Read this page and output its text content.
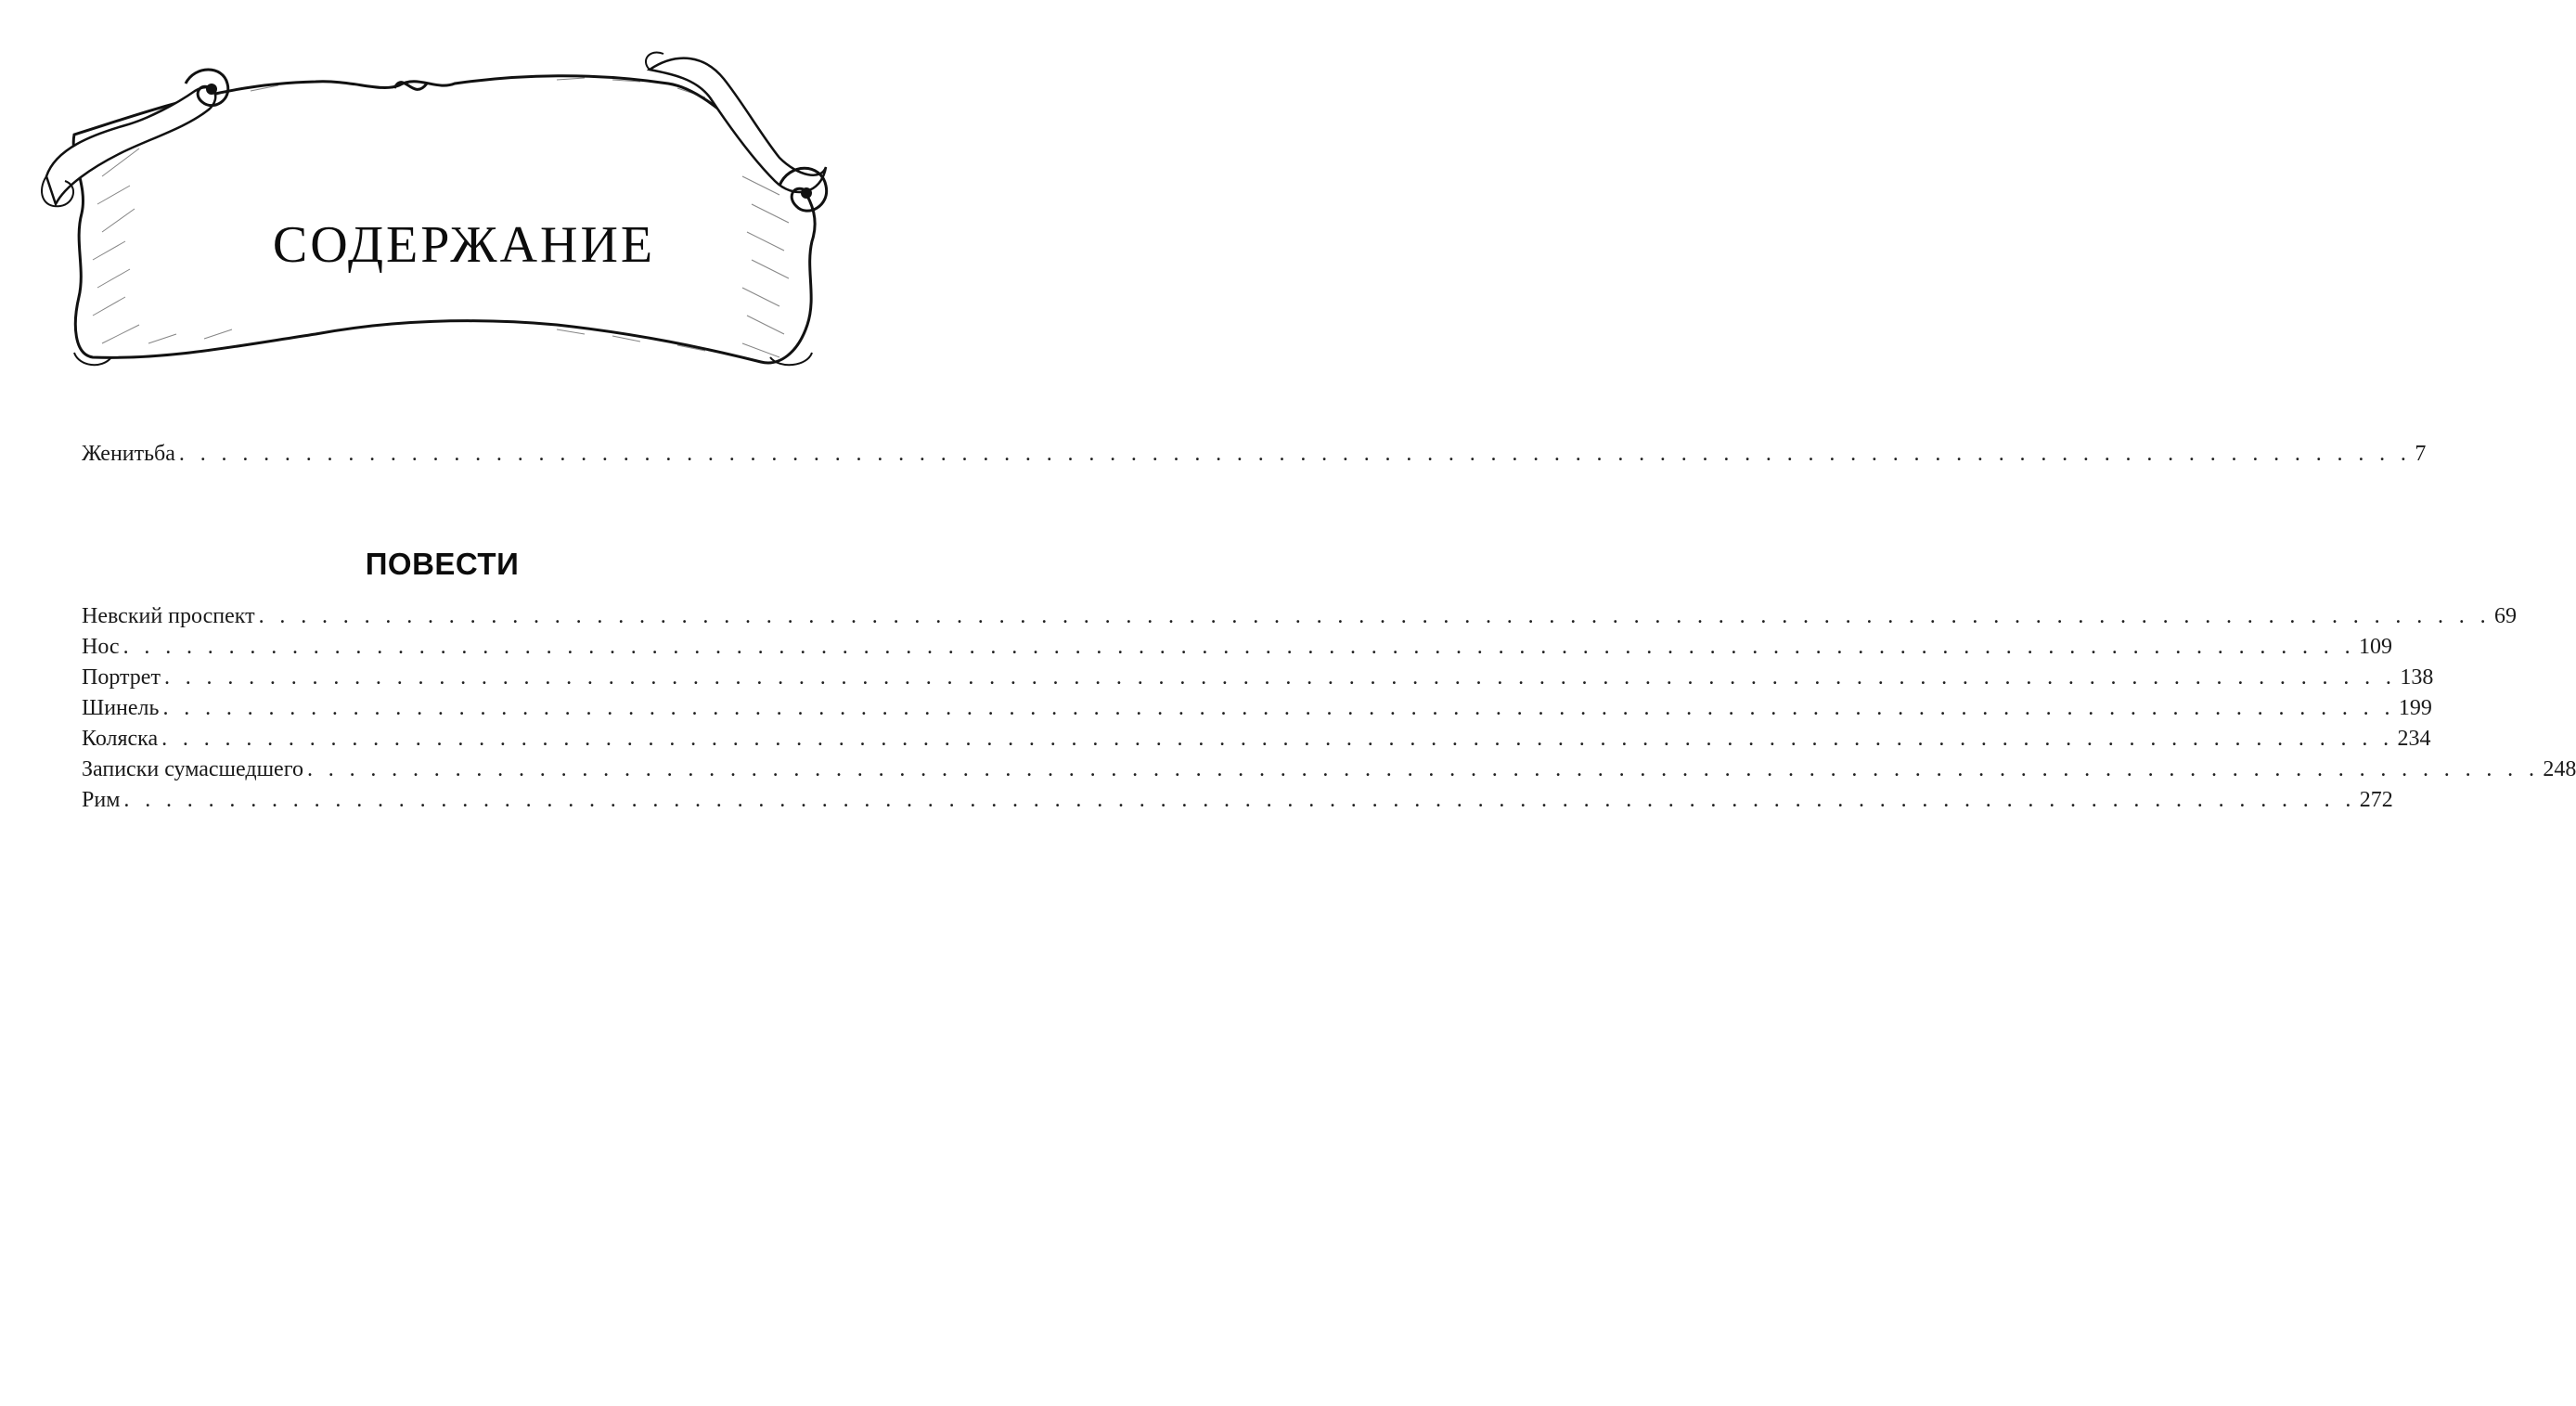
СОДЕРЖАНИЕ
Женитьба . . . . . . . . . . . . . . . . . . . . . . . . . . . . . . . . . . . . . . . . . . . . . . . . . . . . . . . . . . . . . . . . . . . . . . . . . . . . . . . . . . . . . . . . . . . . . . . . . . . . . . . . . . 7
ПОВЕСТИ
Невский проспект . . . . . . . . . . . . . . . . . . . . . . . . . . . . . . . . . . . . . . . . . . . . . . . . . . . . . . . . . . . . . . . . . . . . . . . . . . . . . . . . . . . . . . . . . . . . . . . . . . . . . . . . . . 69
Нос . . . . . . . . . . . . . . . . . . . . . . . . . . . . . . . . . . . . . . . . . . . . . . . . . . . . . . . . . . . . . . . . . . . . . . . . . . . . . . . . . . . . . . . . . . . . . . . . . . . . . . . . . . 109
Портрет . . . . . . . . . . . . . . . . . . . . . . . . . . . . . . . . . . . . . . . . . . . . . . . . . . . . . . . . . . . . . . . . . . . . . . . . . . . . . . . . . . . . . . . . . . . . . . . . . . . . . . . . . . 138
Шинель . . . . . . . . . . . . . . . . . . . . . . . . . . . . . . . . . . . . . . . . . . . . . . . . . . . . . . . . . . . . . . . . . . . . . . . . . . . . . . . . . . . . . . . . . . . . . . . . . . . . . . . . . . 199
Коляска . . . . . . . . . . . . . . . . . . . . . . . . . . . . . . . . . . . . . . . . . . . . . . . . . . . . . . . . . . . . . . . . . . . . . . . . . . . . . . . . . . . . . . . . . . . . . . . . . . . . . . . . . . 234
Записки сумасшедшего . . . . . . . . . . . . . . . . . . . . . . . . . . . . . . . . . . . . . . . . . . . . . . . . . . . . . . . . . . . . . . . . . . . . . . . . . . . . . . . . . . . . . . . . . . . . . . . . . . . . . . . . . . 248
Рим . . . . . . . . . . . . . . . . . . . . . . . . . . . . . . . . . . . . . . . . . . . . . . . . . . . . . . . . . . . . . . . . . . . . . . . . . . . . . . . . . . . . . . . . . . . . . . . . . . . . . . . . . . 272
